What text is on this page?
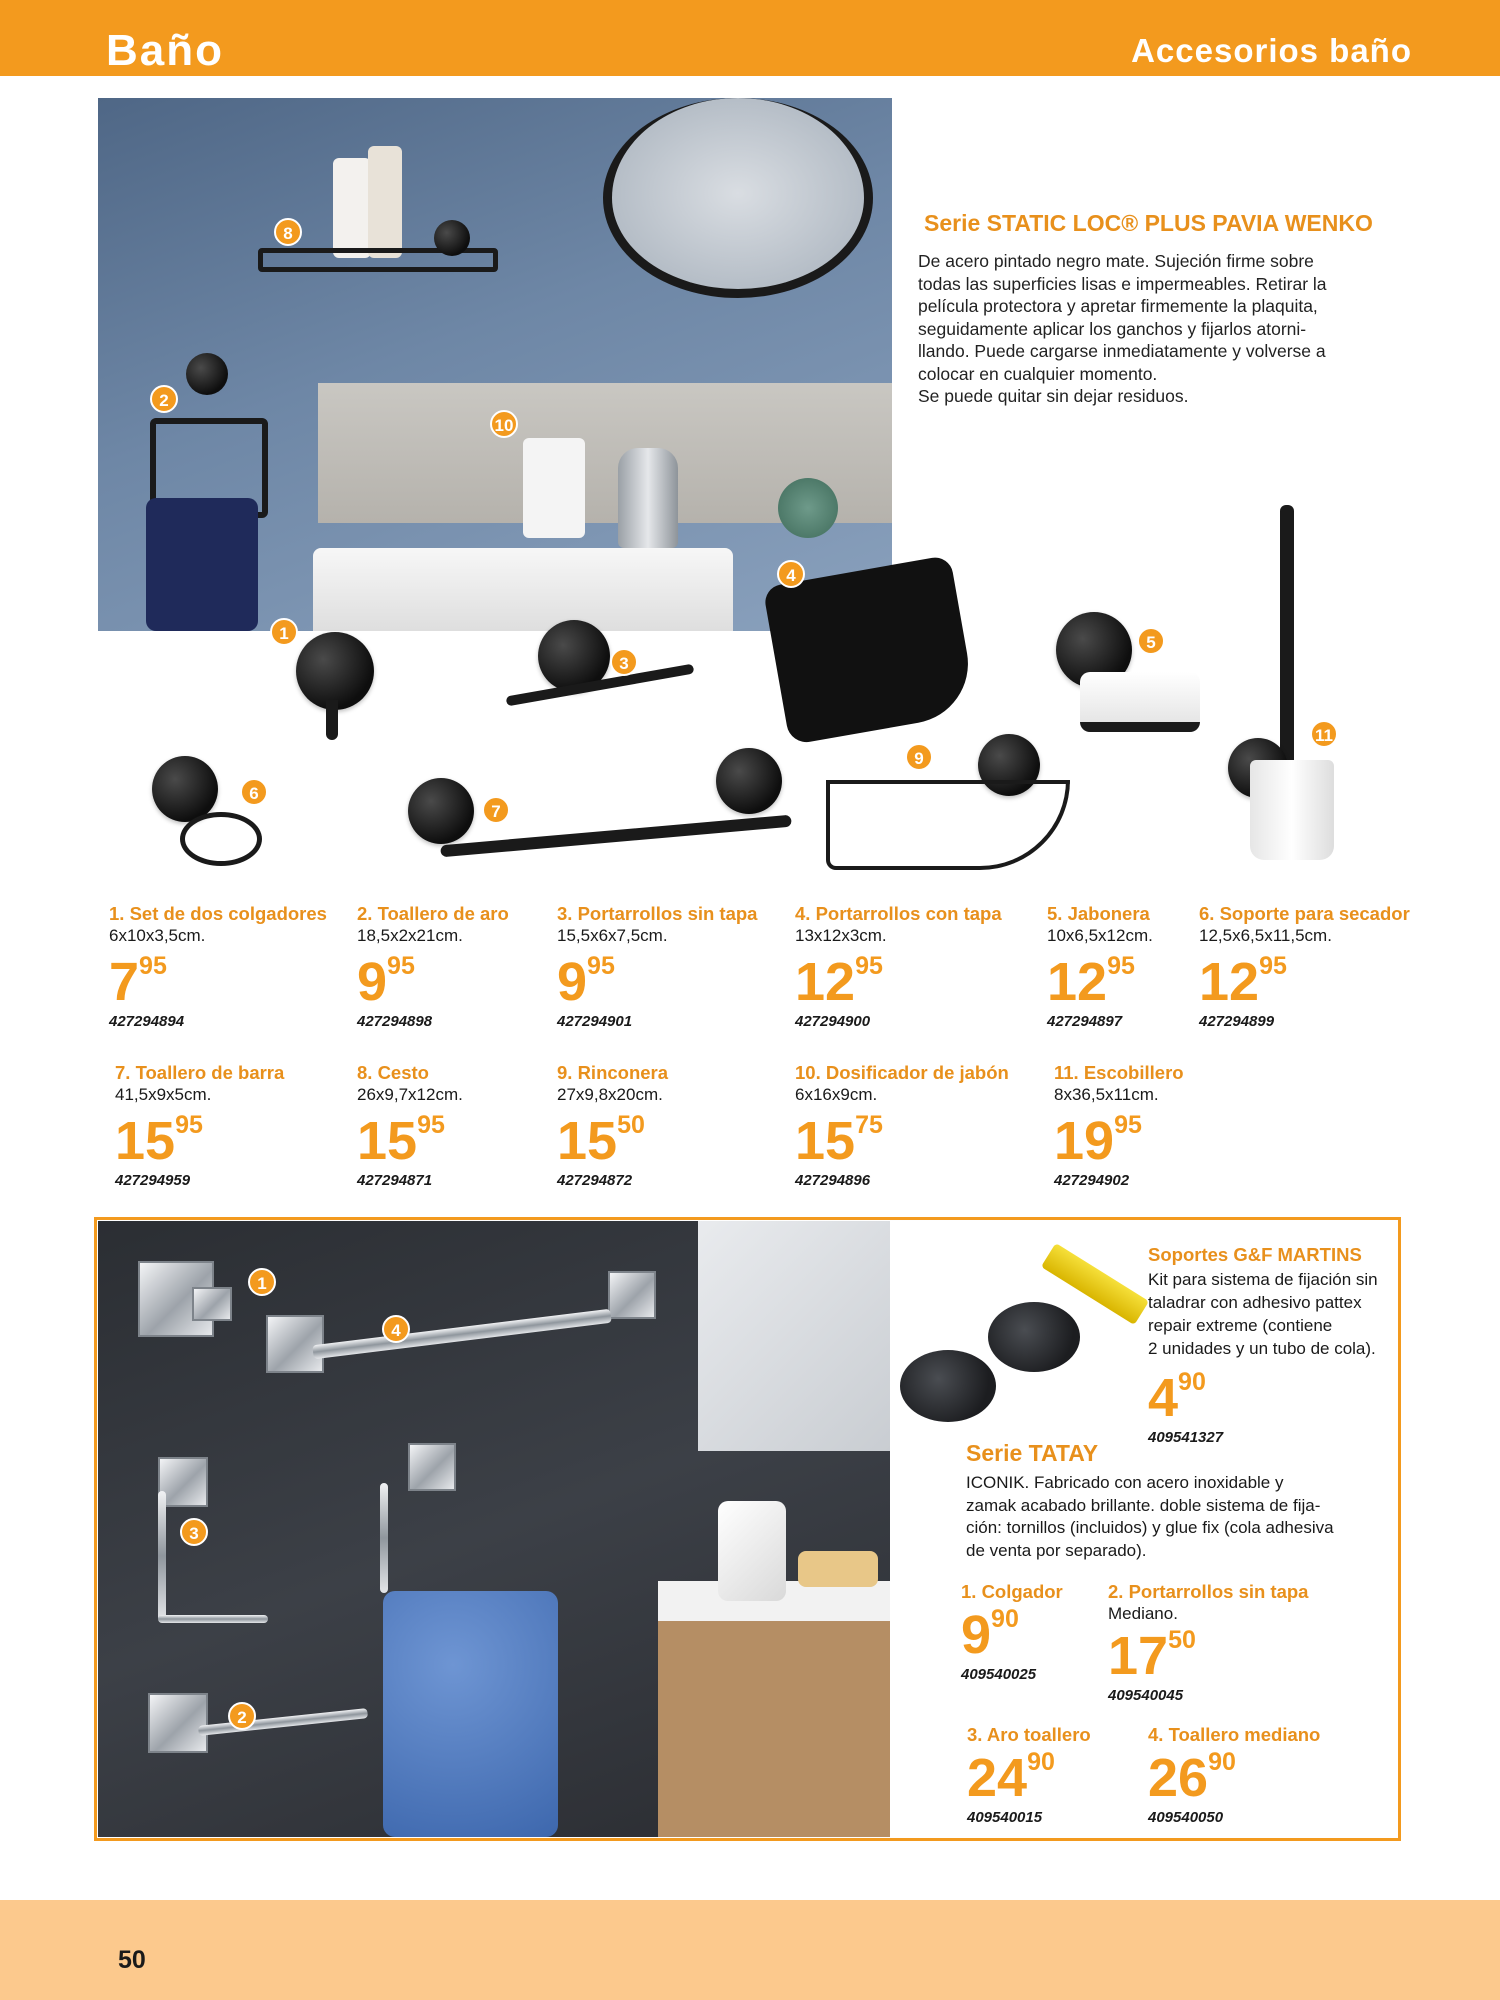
Baño	Accesorios baño
8
2
10
Serie STATIC LOC® PLUS PAVIA WENKO
De acero pintado negro mate. Sujeción firme sobre
todas las superficies lisas e impermeables. Retirar la
película protectora y apretar firmemente la plaquita,
seguidamente aplicar los ganchos y fijarlos atorni-
llando. Puede cargarse inmediatamente y volverse a
colocar en cualquier momento.
Se puede quitar sin dejar residuos.
1
3
4
5
11
6
7
9
1. Set de dos colgadores
6x10x3,5cm.
795
427294894
2. Toallero de aro
18,5x2x21cm.
995
427294898
3. Portarrollos sin tapa
15,5x6x7,5cm.
995
427294901
4. Portarrollos con tapa
13x12x3cm.
1295
427294900
5. Jabonera
10x6,5x12cm.
1295
427294897
6. Soporte para secador
12,5x6,5x11,5cm.
1295
427294899
7. Toallero de barra
41,5x9x5cm.
1595
427294959
8. Cesto
26x9,7x12cm.
1595
427294871
9. Rinconera
27x9,8x20cm.
1550
427294872
10. Dosificador de jabón
6x16x9cm.
1575
427294896
11. Escobillero
8x36,5x11cm.
1995
427294902
1
4
3
2
Soportes G&F MARTINS
Kit para sistema de fijación sin
taladrar con adhesivo pattex
repair extreme (contiene
2 unidades y un tubo de cola).
490
409541327
Serie TATAY
ICONIK. Fabricado con acero inoxidable y
zamak acabado brillante. doble sistema de fija-
ción: tornillos (incluidos) y glue fix (cola adhesiva
de venta por separado).
1. Colgador
990
409540025
2. Portarrollos sin tapa
Mediano.
1750
409540045
3. Aro toallero
2490
409540015
4. Toallero mediano
2690
409540050
50
